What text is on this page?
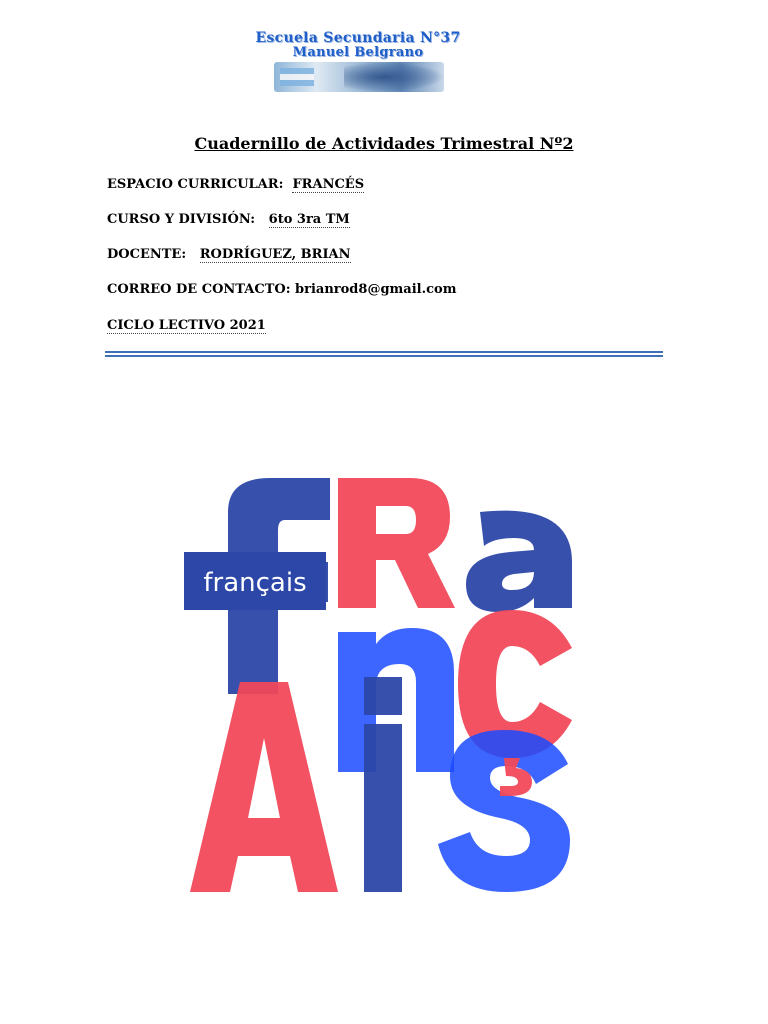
Escuela Secundaria N°37
Manuel Belgrano
Cuadernillo de Actividades Trimestral Nº2
ESPACIO CURRICULAR: FRANCÉS
CURSO Y DIVISIÓN: 6to 3ra TM
DOCENTE: RODRÍGUEZ, BRIAN
CORREO DE CONTACTO: brianrod8@gmail.com
CICLO LECTIVO 2021
français
